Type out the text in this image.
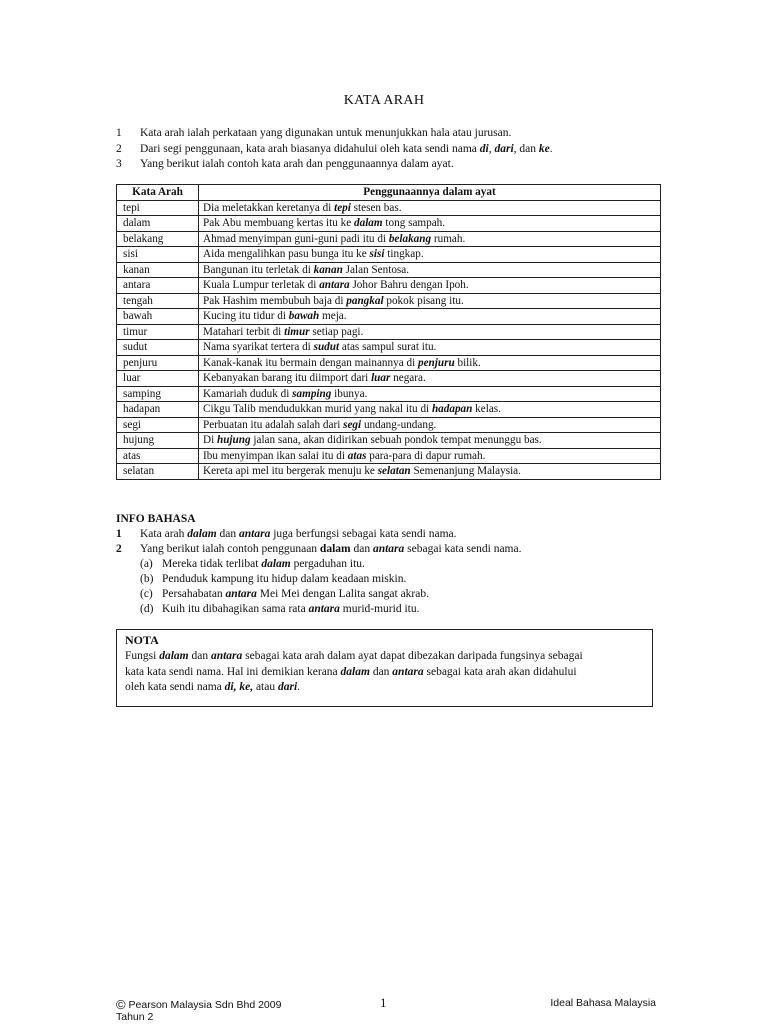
KATA ARAH
1 Kata arah ialah perkataan yang digunakan untuk menunjukkan hala atau jurusan.
2 Dari segi penggunaan, kata arah biasanya didahului oleh kata sendi nama di, dari, dan ke.
3 Yang berikut ialah contoh kata arah dan penggunaannya dalam ayat.
Kata Arah	Penggunaannya dalam ayat
tepi	Dia meletakkan keretanya di tepi stesen bas.
dalam	Pak Abu membuang kertas itu ke dalam tong sampah.
belakang	Ahmad menyimpan guni-guni padi itu di belakang rumah.
sisi	Aida mengalihkan pasu bunga itu ke sisi tingkap.
kanan	Bangunan itu terletak di kanan Jalan Sentosa.
antara	Kuala Lumpur terletak di antara Johor Bahru dengan Ipoh.
tengah	Pak Hashim membubuh baja di pangkal pokok pisang itu.
bawah	Kucing itu tidur di bawah meja.
timur	Matahari terbit di timur setiap pagi.
sudut	Nama syarikat tertera di sudut atas sampul surat itu.
penjuru	Kanak-kanak itu bermain dengan mainannya di penjuru bilik.
luar	Kebanyakan barang itu diimport dari luar negara.
samping	Kamariah duduk di samping ibunya.
hadapan	Cikgu Talib mendudukkan murid yang nakal itu di hadapan kelas.
segi	Perbuatan itu adalah salah dari segi undang-undang.
hujung	Di hujung jalan sana, akan didirikan sebuah pondok tempat menunggu bas.
atas	Ibu menyimpan ikan salai itu di atas para-para di dapur rumah.
selatan	Kereta api mel itu bergerak menuju ke selatan Semenanjung Malaysia.
INFO BAHASA
1 Kata arah dalam dan antara juga berfungsi sebagai kata sendi nama.
2 Yang berikut ialah contoh penggunaan dalam dan antara sebagai kata sendi nama.
(a) Mereka tidak terlibat dalam pergaduhan itu.
(b) Penduduk kampung itu hidup dalam keadaan miskin.
(c) Persahabatan antara Mei Mei dengan Lalita sangat akrab.
(d) Kuih itu dibahagikan sama rata antara murid-murid itu.
NOTA
Fungsi dalam dan antara sebagai kata arah dalam ayat dapat dibezakan daripada fungsinya sebagai
kata kata sendi nama. Hal ini demikian kerana dalam dan antara sebagai kata arah akan didahului
oleh kata sendi nama di, ke, atau dari.
© Pearson Malaysia Sdn Bhd 2009	1	Ideal Bahasa Malaysia
Tahun 2
